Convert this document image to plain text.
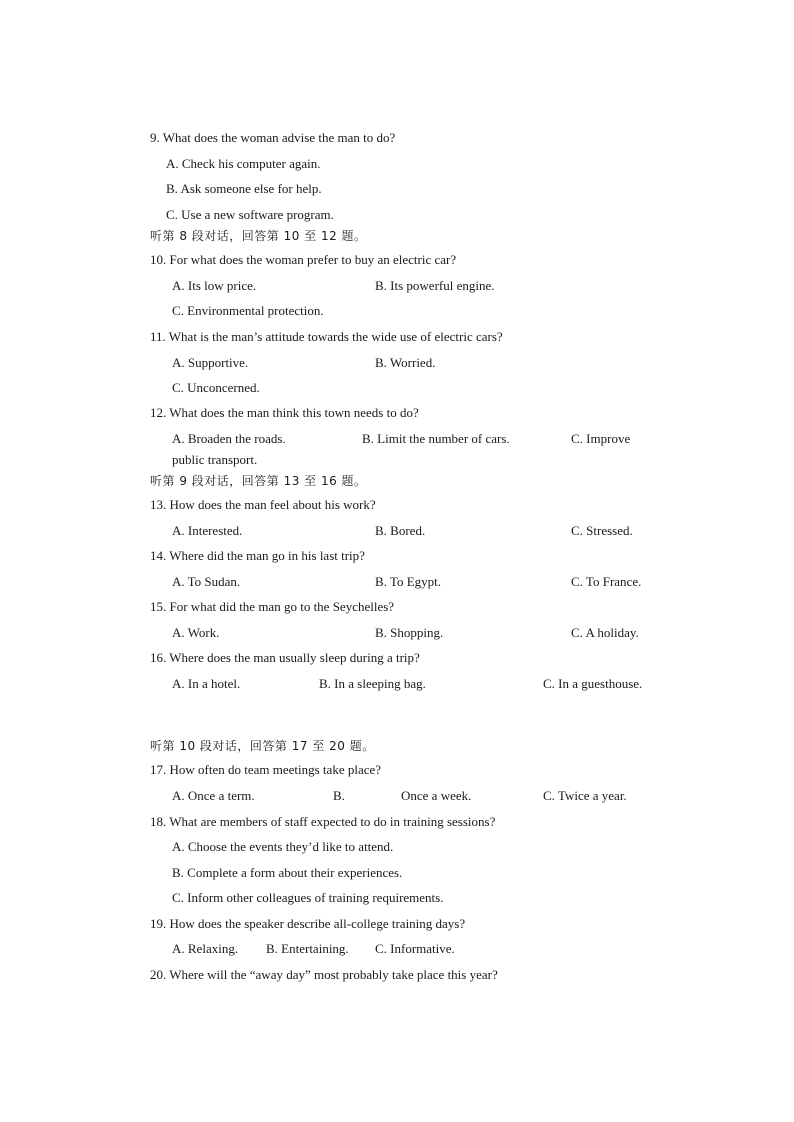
9. What does the woman advise the man to do?
A. Check his computer again.
B. Ask someone else for help.
C. Use a new software program.
听第 8 段对话，回答第 10 至 12 题。
10. For what does the woman prefer to buy an electric car?
A. Its low price.	B. Its powerful engine.
C. Environmental protection.
11. What is the man’s attitude towards the wide use of electric cars?
A. Supportive.	B. Worried.
C. Unconcerned.
12. What does the man think this town needs to do?
A. Broaden the roads.	B. Limit the number of cars.	C. Improve
public transport.
听第 9 段对话，回答第 13 至 16 题。
13. How does the man feel about his work?
A. Interested.	B. Bored.	C. Stressed.
14. Where did the man go in his last trip?
A. To Sudan.	B. To Egypt.	C. To France.
15. For what did the man go to the Seychelles?
A. Work.	B. Shopping.	C. A holiday.
16. Where does the man usually sleep during a trip?
A. In a hotel.	B. In a sleeping bag.	C. In a guesthouse.
听第 10 段对话，回答第 17 至 20 题。
17. How often do team meetings take place?
A. Once a term.	B.	Once a week.	C. Twice a year.
18. What are members of staff expected to do in training sessions?
A. Choose the events they’d like to attend.
B. Complete a form about their experiences.
C. Inform other colleagues of training requirements.
19. How does the speaker describe all-college training days?
A. Relaxing. B. Entertaining. C. Informative.
20. Where will the “away day” most probably take place this year?
